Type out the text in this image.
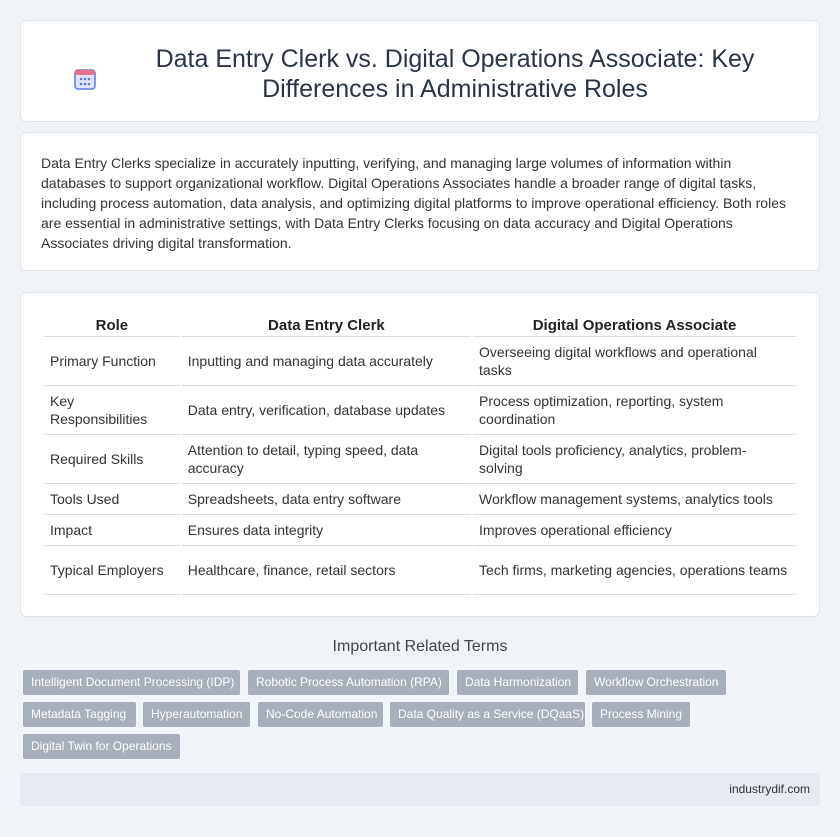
Data Entry Clerk vs. Digital Operations Associate: Key Differences in Administrative Roles

Data Entry Clerks specialize in accurately inputting, verifying, and managing large volumes of information within databases to support organizational workflow. Digital Operations Associates handle a broader range of digital tasks, including process automation, data analysis, and optimizing digital platforms to improve operational efficiency. Both roles are essential in administrative settings, with Data Entry Clerks focusing on data accuracy and Digital Operations Associates driving digital transformation.

Role	Data Entry Clerk	Digital Operations Associate
Primary Function	Inputting and managing data accurately	Overseeing digital workflows and operational tasks
Key Responsibilities	Data entry, verification, database updates	Process optimization, reporting, system coordination
Required Skills	Attention to detail, typing speed, data accuracy	Digital tools proficiency, analytics, problem-solving
Tools Used	Spreadsheets, data entry software	Workflow management systems, analytics tools
Impact	Ensures data integrity	Improves operational efficiency
Typical Employers	Healthcare, finance, retail sectors	Tech firms, marketing agencies, operations teams
Important Related Terms
Intelligent Document Processing (IDP)	Robotic Process Automation (RPA)	Data Harmonization	Workflow Orchestration
Metadata Tagging	Hyperautomation	No-Code Automation	Data Quality as a Service (DQaaS)	Process Mining
Digital Twin for Operations
industrydif.com
